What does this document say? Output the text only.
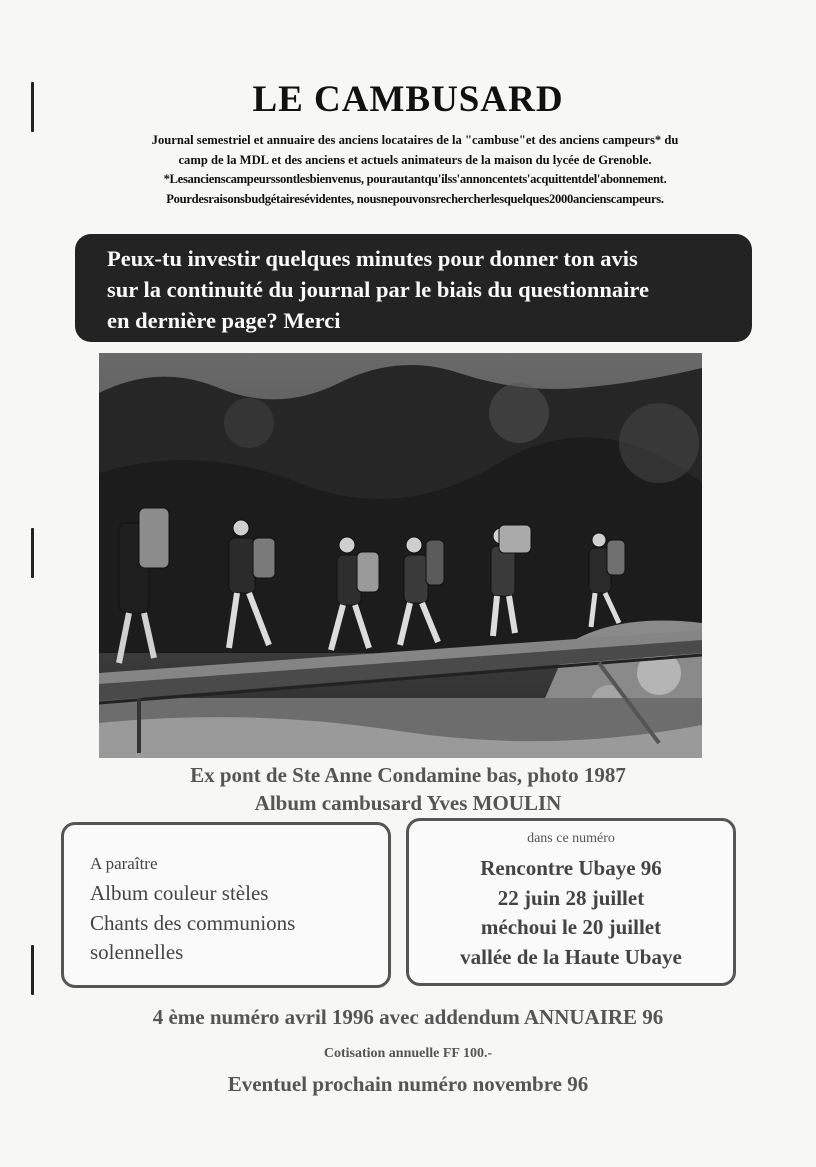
LE CAMBUSARD
Journal semestriel et annuaire des anciens locataires de la "cambuse"et des anciens campeurs* du
camp de la MDL et des anciens et actuels animateurs de la maison du lycée de Grenoble.
*Lesancienscampeurssontlesbienvenus, pourautantqu'ilss'annoncentets'acquittentdel'abonnement.
Pourdesraisonsbudgétairesévidentes, nousnepouvonsrechercherlesquelques2000ancienscampeurs.
Peux-tu investir quelques minutes pour donner ton avis
sur la continuité du journal par le biais du questionnaire
en dernière page? Merci
Ex pont de Ste Anne Condamine bas, photo 1987
Album cambusard Yves MOULIN
A paraître
Album couleur stèles
Chants des communions
solennelles
dans ce numéro
Rencontre Ubaye 96
22 juin 28 juillet
méchoui le 20 juillet
vallée de la Haute Ubaye
4 ème numéro avril 1996 avec addendum ANNUAIRE 96
Cotisation annuelle FF 100.-
Eventuel prochain numéro novembre 96
